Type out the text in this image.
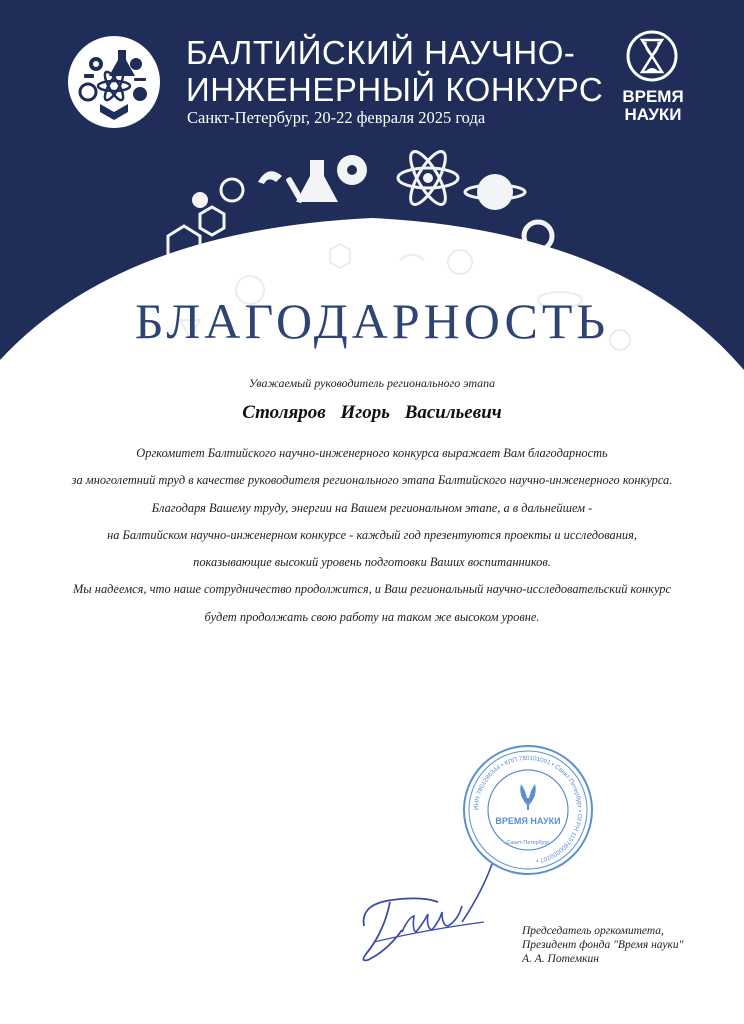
БАЛТИЙСКИЙ НАУЧНО-
ИНЖЕНЕРНЫЙ КОНКУРС
Санкт-Петербург, 20-22 февраля 2025 года
ВРЕМЯ
НАУКИ
БЛАГОДАРНОСТЬ
Уважаемый руководитель регионального этапа
Столяров Игорь Васильевич
Оргкомитет Балтийского научно-инженерного конкурса выражает Вам благодарность
за многолетний труд в качестве руководителя регионального этапа Балтийского научно-инженерного конкурса.
Благодаря Вашему труду, энергии на Вашем региональном этапе, а в дальнейшем -
на Балтийском научно-инженерном конкурсе - каждый год презентуются проекты и исследования,
показывающие высокий уровень подготовки Ваших воспитанников.
Мы надеемся, что наше сотрудничество продолжится, и Ваш региональный научно-исследовательский конкурс
будет продолжать свою работу на таком же высоком уровне.
ИНН 7801286344 • КПП 780101001 • Санкт-Петербург • ОГРН 1157800000207 •
ВРЕМЯ НАУКИ
Санкт-Петербург
Председатель оргкомитета,
Президент фонда "Время науки"
А. А. Потемкин
